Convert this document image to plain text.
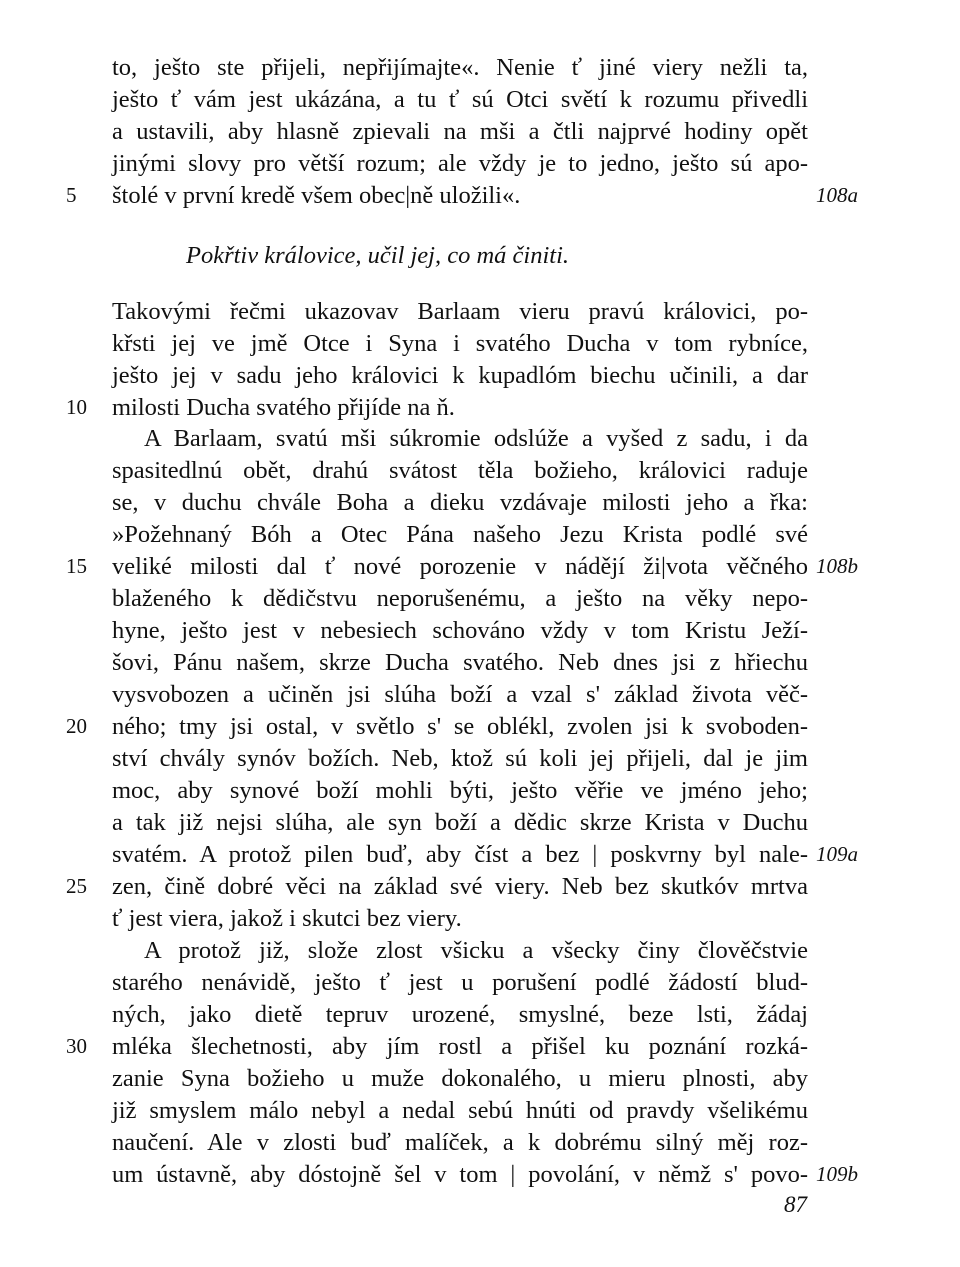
to, ješto ste přijeli, nepřijímajte«. Nenie ť jiné viery nežli ta,
ješto ť vám jest ukázána, a tu ť sú Otci světí k rozumu přivedli
a ustavili, aby hlasně zpievali na mši a čtli najprvé hodiny opět
jinými slovy pro větší rozum; ale vždy je to jedno, ješto sú apo-
štolé v první kredě všem obec|ně uložili«.
5	108a
Pokřtiv královice, učil jej, co má činiti.
Takovými řečmi ukazovav Barlaam vieru pravú královici, po-
křsti jej ve jmě Otce i Syna i svatého Ducha v tom rybníce,
ješto jej v sadu jeho královici k kupadlóm biechu učinili, a dar
milosti Ducha svatého přijíde na ň.
10
A Barlaam, svatú mši súkromie odslúže a vyšed z sadu, i da
spasitedlnú obět, drahú svátost těla božieho, královici raduje
se, v duchu chvále Boha a dieku vzdávaje milosti jeho a řka:
»Požehnaný Bóh a Otec Pána našeho Jezu Krista podlé své
veliké milosti dal ť nové porozenie v nádějí ži|vota věčného
15	108b
blaženého k dědičstvu neporušenému, a ješto na věky nepo-
hyne, ješto jest v nebesiech schováno vždy v tom Kristu Ježí-
šovi, Pánu našem, skrze Ducha svatého. Neb dnes jsi z hřiechu
vysvobozen a učiněn jsi slúha boží a vzal s' základ života věč-
ného; tmy jsi ostal, v světlo s' se oblékl, zvolen jsi k svoboden-
20
ství chvály synóv božích. Neb, ktož sú koli jej přijeli, dal je jim
moc, aby synové boží mohli býti, ješto věřie ve jméno jeho;
a tak již nejsi slúha, ale syn boží a dědic skrze Krista v Duchu
svatém. A protož pilen buď, aby číst a bez | poskvrny byl nale- 109a
zen, čině dobré věci na základ své viery. Neb bez skutkóv mrtva
25
ť jest viera, jakož i skutci bez viery.
A protož již, slože zlost všicku a všecky činy člověčstvie
starého nenávidě, ješto ť jest u porušení podlé žádostí blud-
ných, jako dietě tepruv urozené, smyslné, beze lsti, žádaj
mléka šlechetnosti, aby jím rostl a přišel ku poznání rozká-
30
zanie Syna božieho u muže dokonalého, u mieru plnosti, aby
již smyslem málo nebyl a nedal sebú hnúti od pravdy všelikému
naučení. Ale v zlosti buď malíček, a k dobrému silný měj roz-
um ústavně, aby dóstojně šel v tom | povolání, v němž s' povo- 109b
87
